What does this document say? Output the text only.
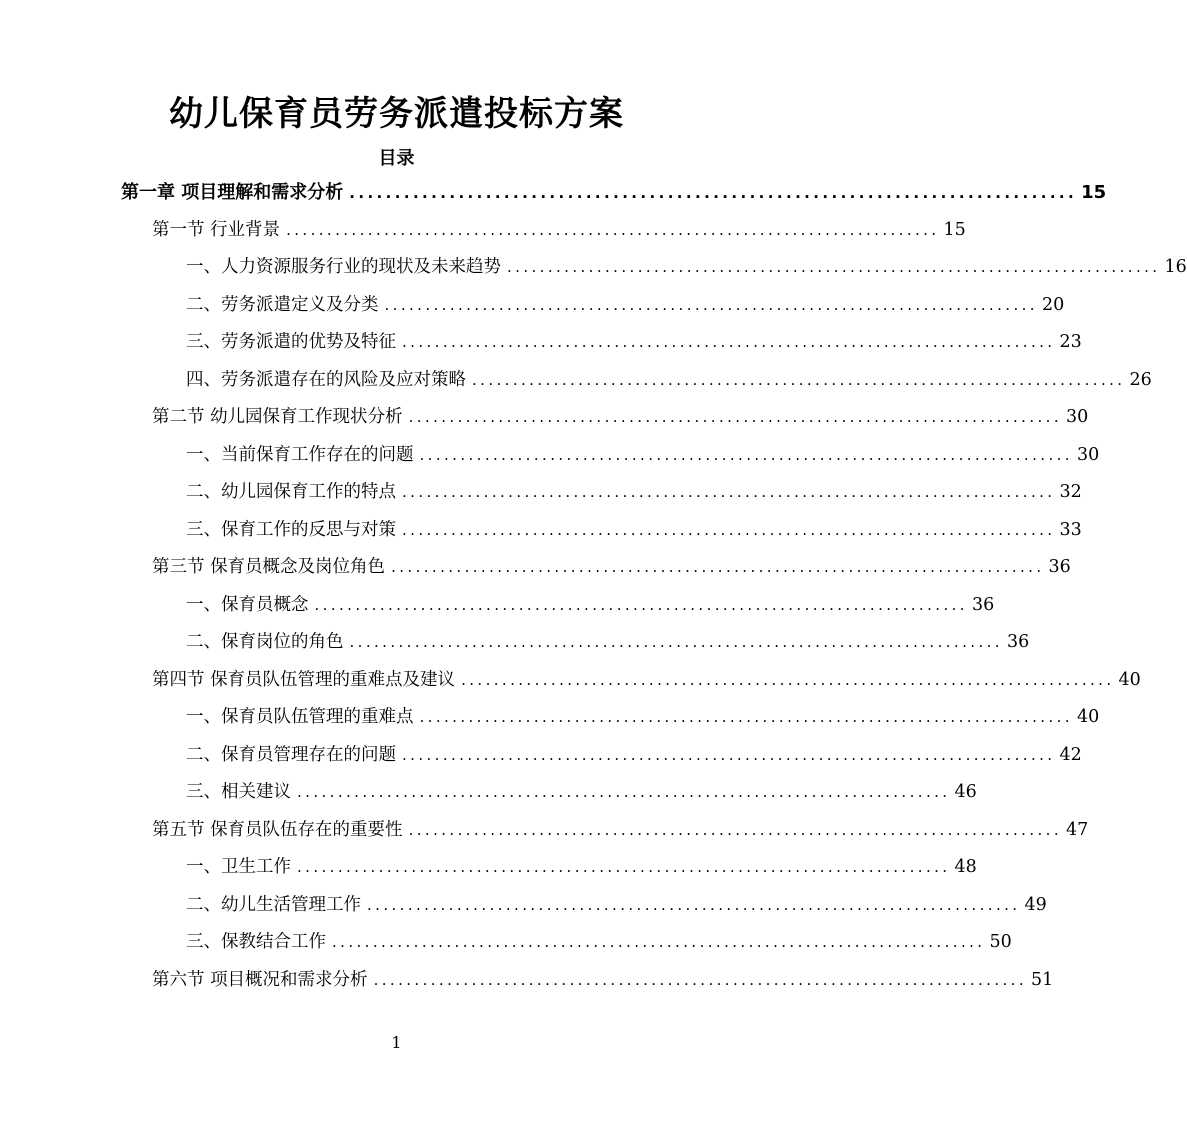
幼儿保育员劳务派遣投标方案
目录
第一章 项目理解和需求分析 ................................................................................ 15
第一节 行业背景 ................................................................................ 15
一、人力资源服务行业的现状及未来趋势 ................................................................................ 16
二、劳务派遣定义及分类 ................................................................................ 20
三、劳务派遣的优势及特征 ................................................................................ 23
四、劳务派遣存在的风险及应对策略 ................................................................................ 26
第二节 幼儿园保育工作现状分析 ................................................................................ 30
一、当前保育工作存在的问题 ................................................................................ 30
二、幼儿园保育工作的特点 ................................................................................ 32
三、保育工作的反思与对策 ................................................................................ 33
第三节 保育员概念及岗位角色 ................................................................................ 36
一、保育员概念 ................................................................................ 36
二、保育岗位的角色 ................................................................................ 36
第四节 保育员队伍管理的重难点及建议 ................................................................................ 40
一、保育员队伍管理的重难点 ................................................................................ 40
二、保育员管理存在的问题 ................................................................................ 42
三、相关建议 ................................................................................ 46
第五节 保育员队伍存在的重要性 ................................................................................ 47
一、卫生工作 ................................................................................ 48
二、幼儿生活管理工作 ................................................................................ 49
三、保教结合工作 ................................................................................ 50
第六节 项目概况和需求分析 ................................................................................ 51
1
